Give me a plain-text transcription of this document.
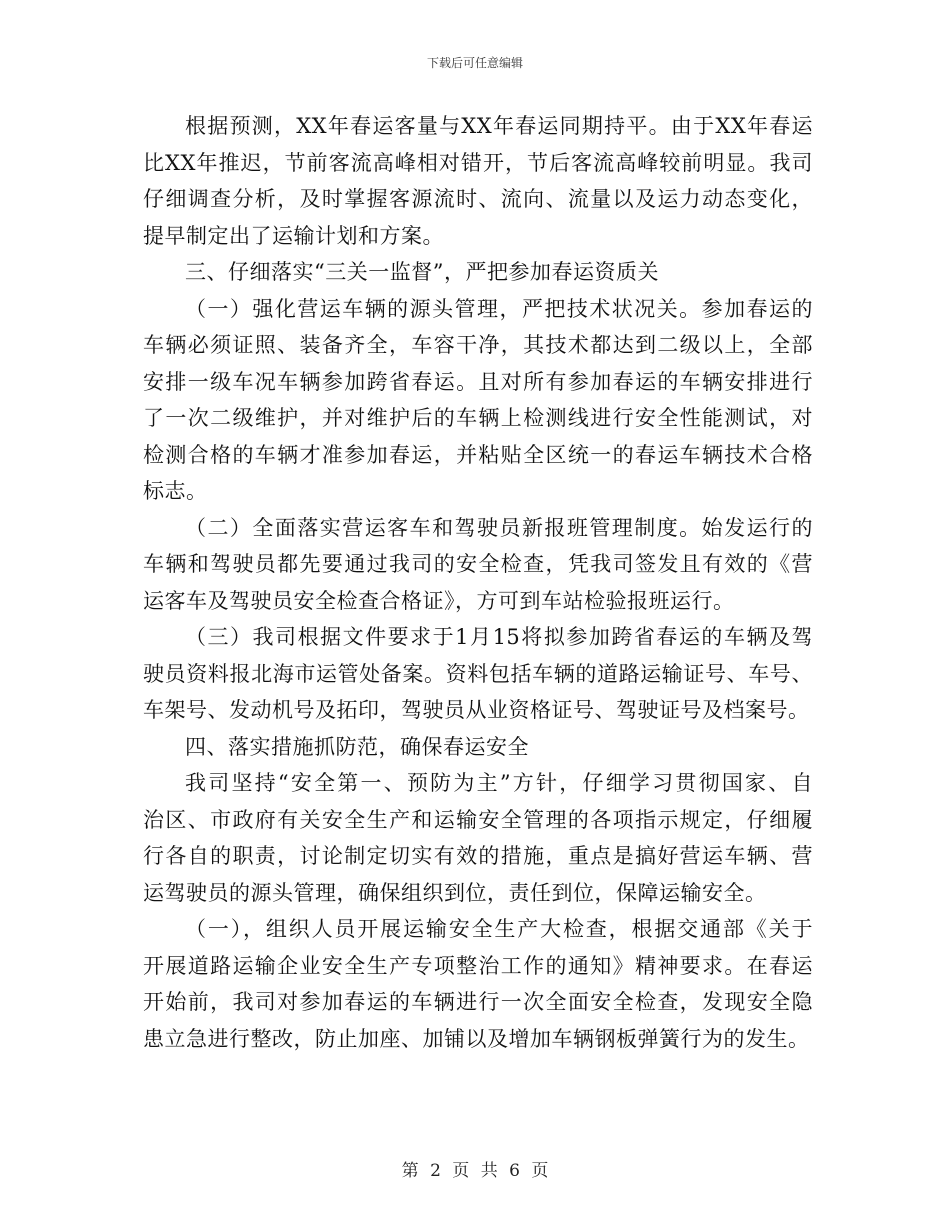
下载后可任意编辑

根据预测，XX年春运客量与XX年春运同期持平。由于XX年春运

比XX年推迟，节前客流高峰相对错开，节后客流高峰较前明显。我司

仔细调查分析，及时掌握客源流时、流向、流量以及运力动态变化，

提早制定出了运输计划和方案。

三、仔细落实“三关一监督”，严把参加春运资质关

（一）强化营运车辆的源头管理，严把技术状况关。参加春运的

车辆必须证照、装备齐全，车容干净，其技术都达到二级以上，全部

安排一级车况车辆参加跨省春运。且对所有参加春运的车辆安排进行

了一次二级维护，并对维护后的车辆上检测线进行安全性能测试，对

检测合格的车辆才准参加春运，并粘贴全区统一的春运车辆技术合格

标志。

（二）全面落实营运客车和驾驶员新报班管理制度。始发运行的

车辆和驾驶员都先要通过我司的安全检查，凭我司签发且有效的《营

运客车及驾驶员安全检查合格证》，方可到车站检验报班运行。

（三）我司根据文件要求于1月15将拟参加跨省春运的车辆及驾

驶员资料报北海市运管处备案。资料包括车辆的道路运输证号、车号、

车架号、发动机号及拓印，驾驶员从业资格证号、驾驶证号及档案号。

四、落实措施抓防范，确保春运安全

我司坚持“安全第一、预防为主”方针，仔细学习贯彻国家、自

治区、市政府有关安全生产和运输安全管理的各项指示规定，仔细履

行各自的职责，讨论制定切实有效的措施，重点是搞好营运车辆、营

运驾驶员的源头管理，确保组织到位，责任到位，保障运输安全。

（一），组织人员开展运输安全生产大检查，根据交通部《关于

开展道路运输企业安全生产专项整治工作的通知》精神要求。在春运

开始前，我司对参加春运的车辆进行一次全面安全检查，发现安全隐

患立急进行整改，防止加座、加铺以及增加车辆钢板弹簧行为的发生。

第 2 页 共 6 页
